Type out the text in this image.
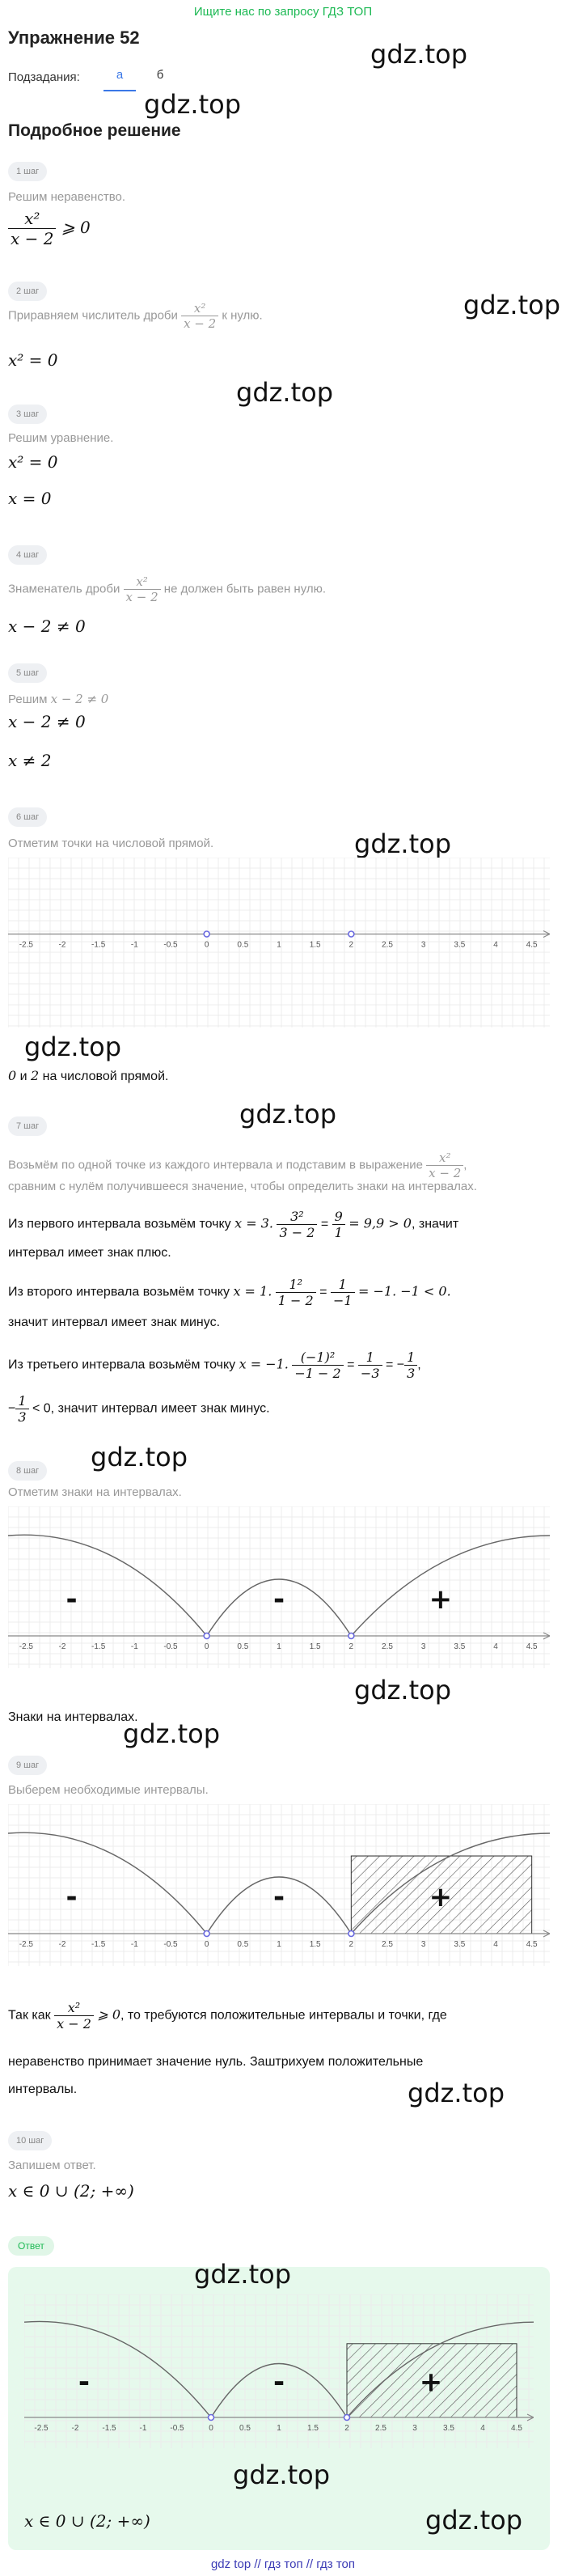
Ищите нас по запросу ГДЗ ТОП
Упражнение 52
gdz.top
Подзадания:	а	б
gdz.top
Подробное решение
1 шаг
Решим неравенство.
$\frac{\text{x²}}{x - 2}$ ⩾ 0
2 шаг	gdz.top
Приравняем числитель дроби $\frac{\text{x²}}{x - 2}$ к нулю.
x² = 0
gdz.top
3 шаг
Решим уравнение.
x² = 0
x = 0
4 шаг
Знаменатель дроби $\frac{\text{x²}}{x - 2}$ не должен быть равен нулю.
x − 2 ≠ 0
5 шаг
Решим x − 2 ≠ 0
x − 2 ≠ 0
x ≠ 2
6 шаг
gdz.top
Отметим точки на числовой прямой.
-2.5	-2	-1.5	-1	-0.5	0	0.5	1	1.5	2	2.5	3	3.5	4	4.5
gdz.top
0 и 2 на числовой прямой.
gdz.top
7 шаг
Возьмём по одной точке из каждого интервала и подставим в выражение $\frac{\text{x²}}{x - 2}$ ,
сравним с нулём получившееся значение, чтобы определить знаки на интервалах.
Из первого интервала возьмём точку x = 3. $\frac{\text{3²}}{3 - 2} = \frac{9}{1} = 9,9 > 0$, значит
интервал имеет знак плюс.
Из второго интервала возьмём точку x = 1. $\frac{\text{1²}}{1 - 2} = \frac{1}{-1} = -1$. −1 < 0.
значит интервал имеет знак минус.
Из третьего интервала возьмём точку x = −1. $\frac{\text{(−1)²}}{-1 - 2} = \frac{1}{-3}$ = − $\frac{1}{3}$ ,
− $\frac{1}{3} < 0$, значит интервал имеет знак минус.
gdz.top
8 шаг
Отметим знаки на интервалах.
-2.5	-2	-1.5	-1	-0.5	0	0.5	1	1.5	2	2.5	3	3.5	4	4.5
-	-	+
gdz.top
Знаки на интервалах.
gdz.top
9 шаг
Выберем необходимые интервалы.
-2.5	-2	-1.5	-1	-0.5	0	0.5	1	1.5	2	2.5	3	3.5	4	4.5
-	-	+
Так как $\frac{\text{x²}}{x - 2}$ ⩾ 0, то требуются положительные интервалы и точки, где
неравенство принимает значение нуль. Заштрихуем положительные
интервалы.	gdz.top
10 шаг
Запишем ответ.
x ∈ 0 ∪ (2; +∞)
Ответ
gdz.top
-2.5	-2	-1.5	-1	-0.5	0	0.5	1	1.5	2	2.5	3	3.5	4	4.5
-	-	+
gdz.top
gdz.top
x ∈ 0 ∪ (2; +∞)
gdz top // гдз топ // гдз топ
